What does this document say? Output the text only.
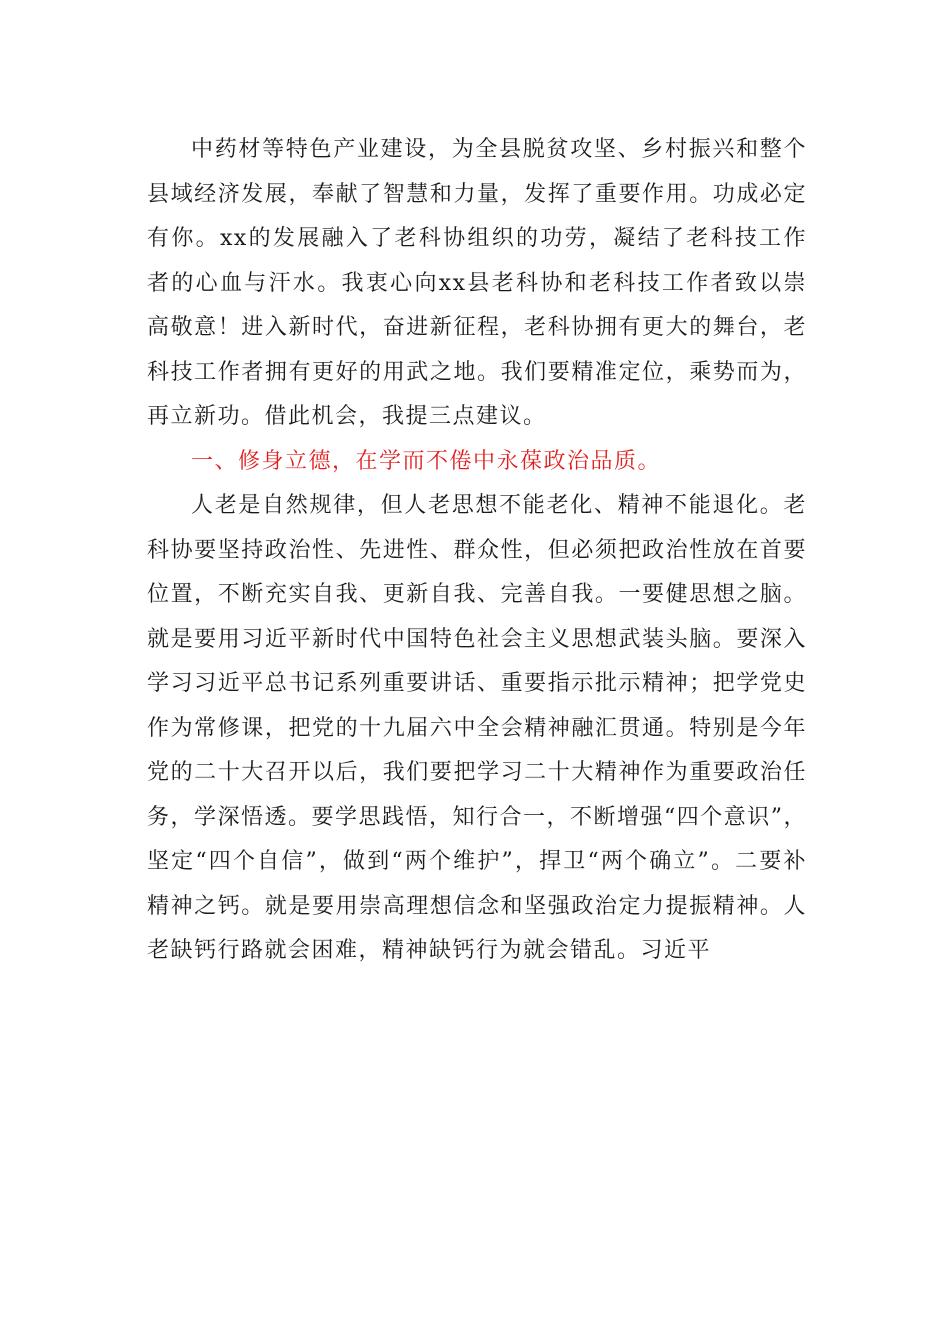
中药材等特色产业建设，为全县脱贫攻坚、乡村振兴和整个县域经济发展，奉献了智慧和力量，发挥了重要作用。功成必定有你。xx的发展融入了老科协组织的功劳，凝结了老科技工作者的心血与汗水。我衷心向xx县老科协和老科技工作者致以崇高敬意！进入新时代，奋进新征程，老科协拥有更大的舞台，老科技工作者拥有更好的用武之地。我们要精准定位，乘势而为，再立新功。借此机会，我提三点建议。

一、修身立德，在学而不倦中永葆政治品质。

人老是自然规律，但人老思想不能老化、精神不能退化。老科协要坚持政治性、先进性、群众性，但必须把政治性放在首要位置，不断充实自我、更新自我、完善自我。一要健思想之脑。就是要用习近平新时代中国特色社会主义思想武装头脑。要深入学习习近平总书记系列重要讲话、重要指示批示精神；把学党史作为常修课，把党的十九届六中全会精神融汇贯通。特别是今年党的二十大召开以后，我们要把学习二十大精神作为重要政治任务，学深悟透。要学思践悟，知行合一，不断增强“四个意识”，坚定“四个自信”，做到“两个维护”，捍卫“两个确立”。二要补精神之钙。就是要用崇高理想信念和坚强政治定力提振精神。人老缺钙行路就会困难，精神缺钙行为就会错乱。习近平
